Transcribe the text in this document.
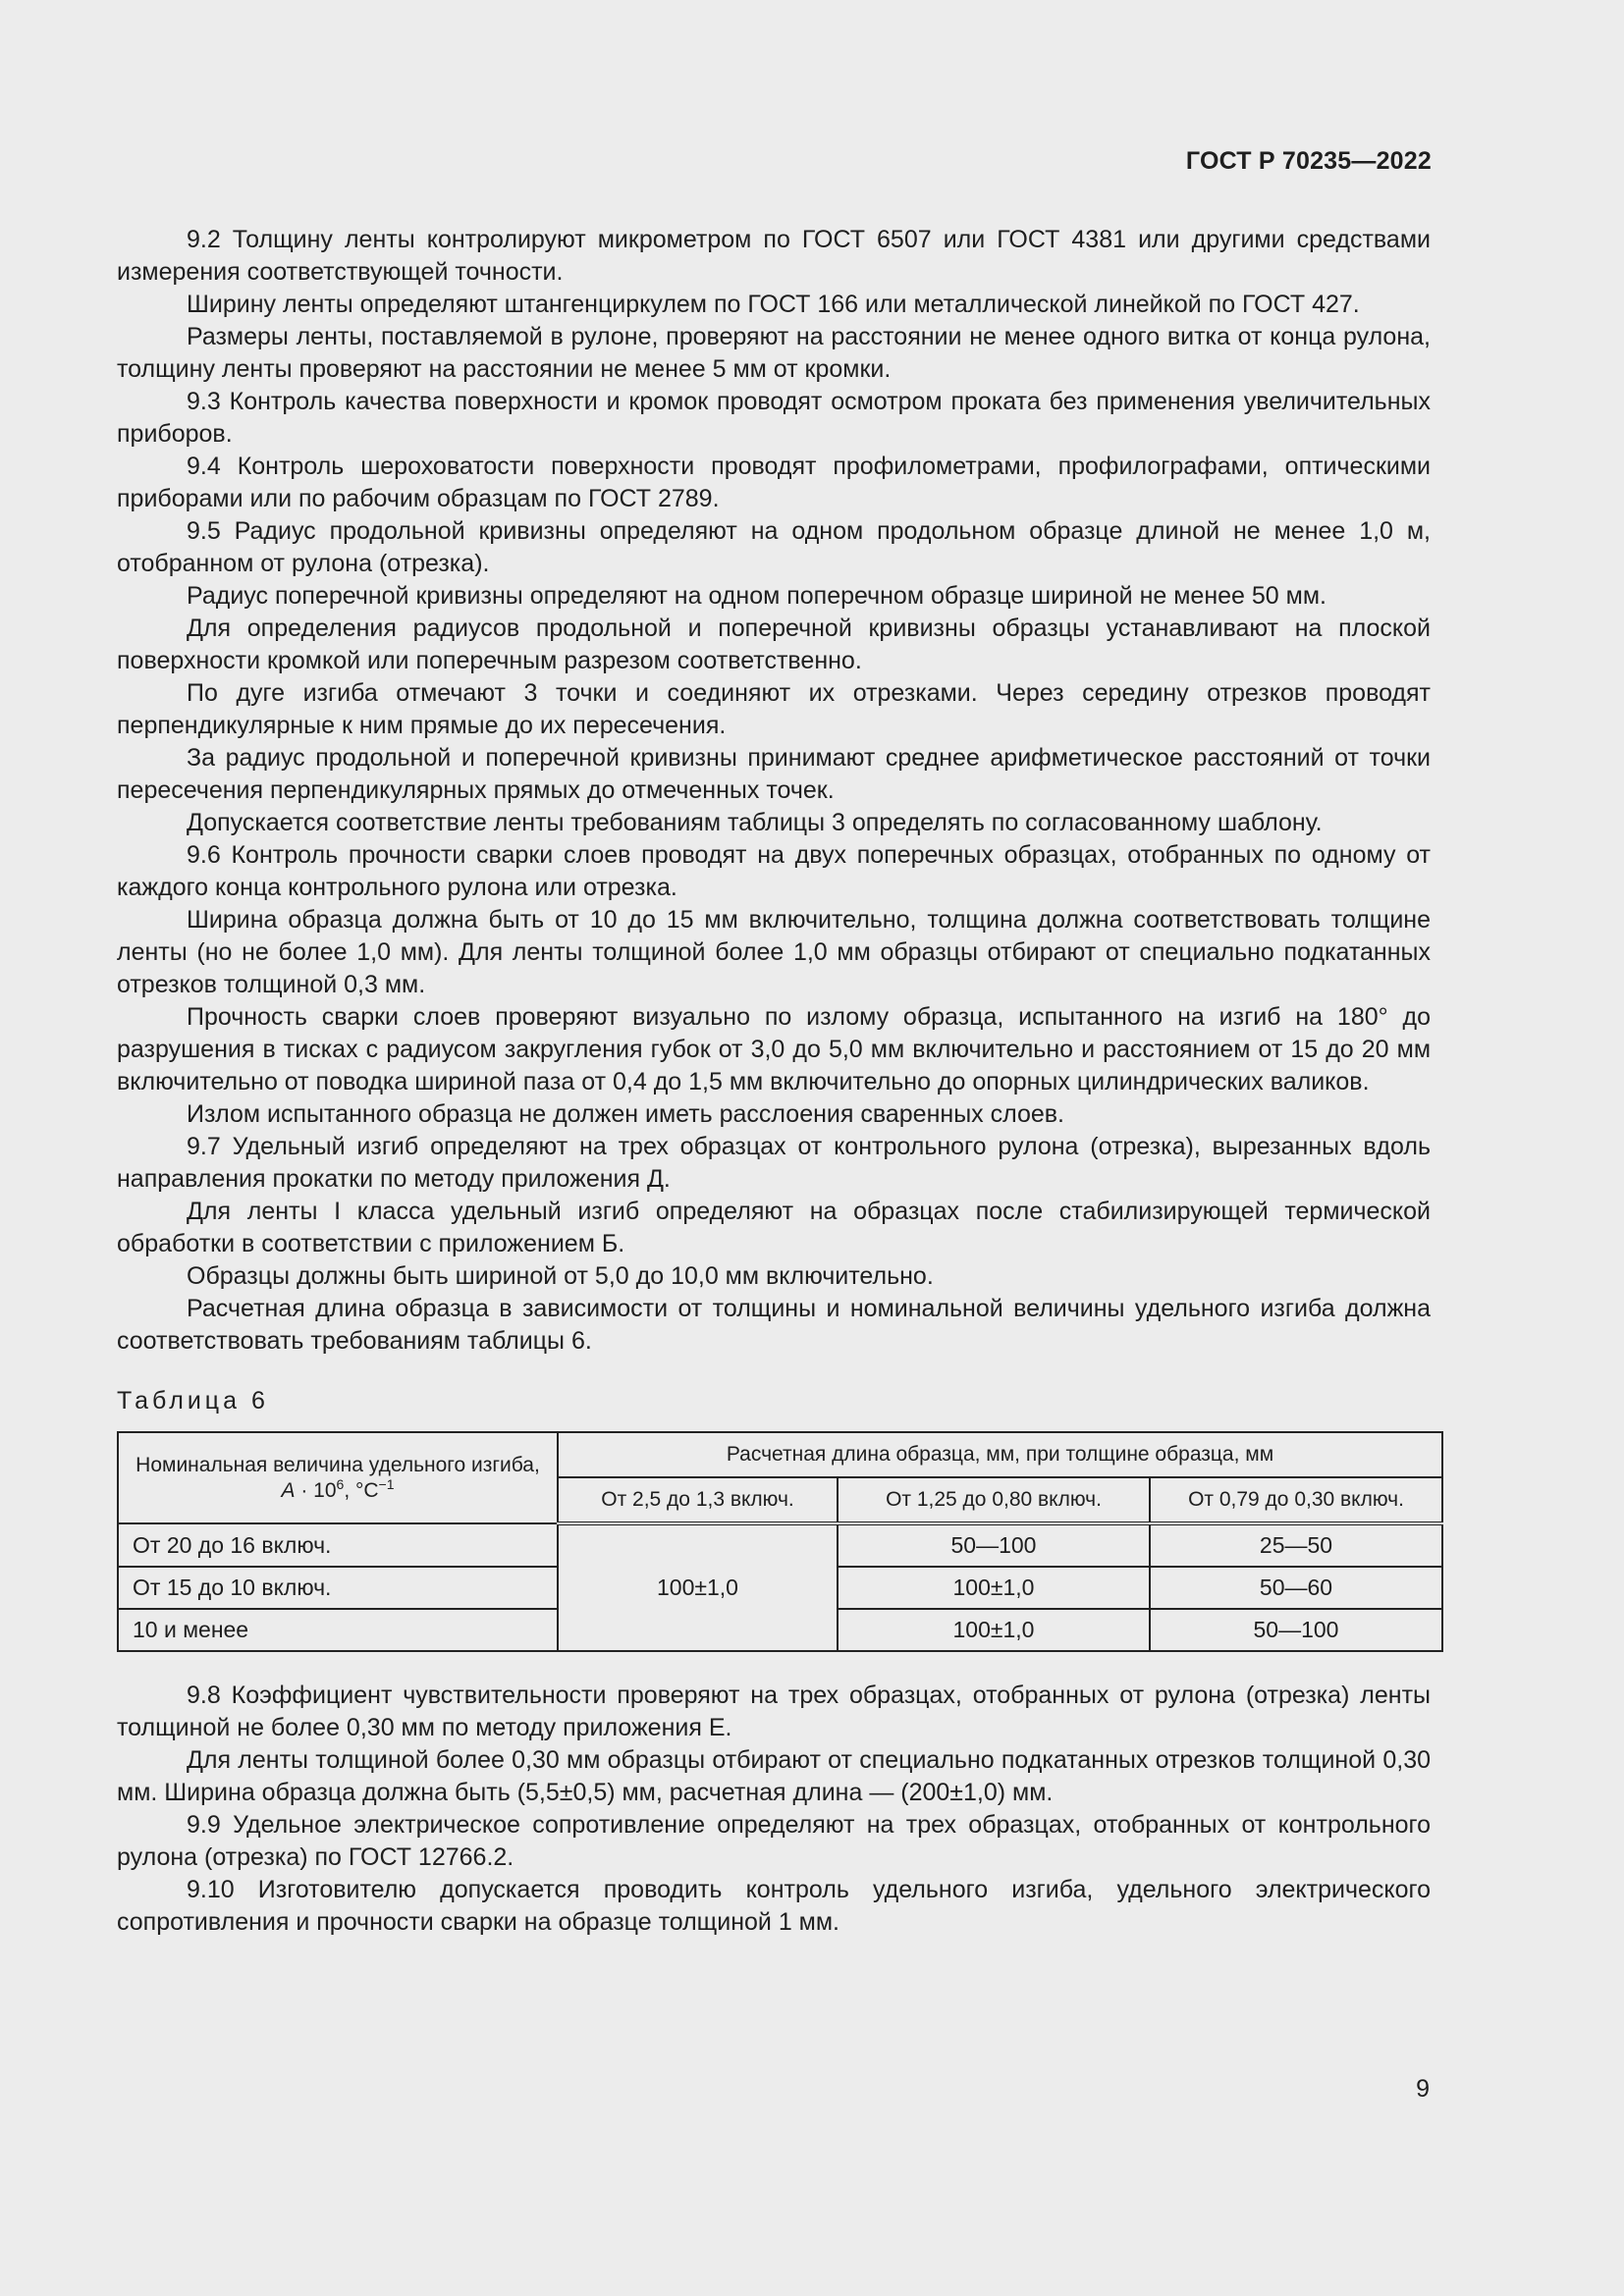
ГОСТ Р 70235—2022

9.2 Толщину ленты контролируют микрометром по ГОСТ 6507 или ГОСТ 4381 или другими средствами измерения соответствующей точности.

Ширину ленты определяют штангенциркулем по ГОСТ 166 или металлической линейкой по ГОСТ 427.

Размеры ленты, поставляемой в рулоне, проверяют на расстоянии не менее одного витка от конца рулона, толщину ленты проверяют на расстоянии не менее 5 мм от кромки.

9.3 Контроль качества поверхности и кромок проводят осмотром проката без применения увеличительных приборов.

9.4 Контроль шероховатости поверхности проводят профилометрами, профилографами, оптическими приборами или по рабочим образцам по ГОСТ 2789.

9.5 Радиус продольной кривизны определяют на одном продольном образце длиной не менее 1,0 м, отобранном от рулона (отрезка).

Радиус поперечной кривизны определяют на одном поперечном образце шириной не менее 50 мм.

Для определения радиусов продольной и поперечной кривизны образцы устанавливают на плоской поверхности кромкой или поперечным разрезом соответственно.

По дуге изгиба отмечают 3 точки и соединяют их отрезками. Через середину отрезков проводят перпендикулярные к ним прямые до их пересечения.

За радиус продольной и поперечной кривизны принимают среднее арифметическое расстояний от точки пересечения перпендикулярных прямых до отмеченных точек.

Допускается соответствие ленты требованиям таблицы 3 определять по согласованному шаблону.

9.6 Контроль прочности сварки слоев проводят на двух поперечных образцах, отобранных по одному от каждого конца контрольного рулона или отрезка.

Ширина образца должна быть от 10 до 15 мм включительно, толщина должна соответствовать толщине ленты (но не более 1,0 мм). Для ленты толщиной более 1,0 мм образцы отбирают от специально подкатанных отрезков толщиной 0,3 мм.

Прочность сварки слоев проверяют визуально по излому образца, испытанного на изгиб на 180° до разрушения в тисках с радиусом закругления губок от 3,0 до 5,0 мм включительно и расстоянием от 15 до 20 мм включительно от поводка шириной паза от 0,4 до 1,5 мм включительно до опорных цилиндрических валиков.

Излом испытанного образца не должен иметь расслоения сваренных слоев.

9.7 Удельный изгиб определяют на трех образцах от контрольного рулона (отрезка), вырезанных вдоль направления прокатки по методу приложения Д.

Для ленты I класса удельный изгиб определяют на образцах после стабилизирующей термической обработки в соответствии с приложением Б.

Образцы должны быть шириной от 5,0 до 10,0 мм включительно.

Расчетная длина образца в зависимости от толщины и номинальной величины удельного изгиба должна соответствовать требованиям таблицы 6.

Таблица 6
Номинальная величина удельного изгиба, $A \cdot 10^6$, $^\circ C^{-1}$	Расчетная длина образца, мм, при толщине образца, мм		
	От 2,5 до 1,3 включ.	От 1,25 до 0,80 включ.	От 0,79 до 0,30 включ.
От 20 до 16 включ.	100±1,0	50—100	25—50
От 15 до 10 включ.		100±1,0	50—60
10 и менее		100±1,0	50—100

9.8 Коэффициент чувствительности проверяют на трех образцах, отобранных от рулона (отрезка) ленты толщиной не более 0,30 мм по методу приложения Е.

Для ленты толщиной более 0,30 мм образцы отбирают от специально подкатанных отрезков толщиной 0,30 мм. Ширина образца должна быть (5,5±0,5) мм, расчетная длина — (200±1,0) мм.

9.9 Удельное электрическое сопротивление определяют на трех образцах, отобранных от контрольного рулона (отрезка) по ГОСТ 12766.2.

9.10 Изготовителю допускается проводить контроль удельного изгиба, удельного электрического сопротивления и прочности сварки на образце толщиной 1 мм.

9
